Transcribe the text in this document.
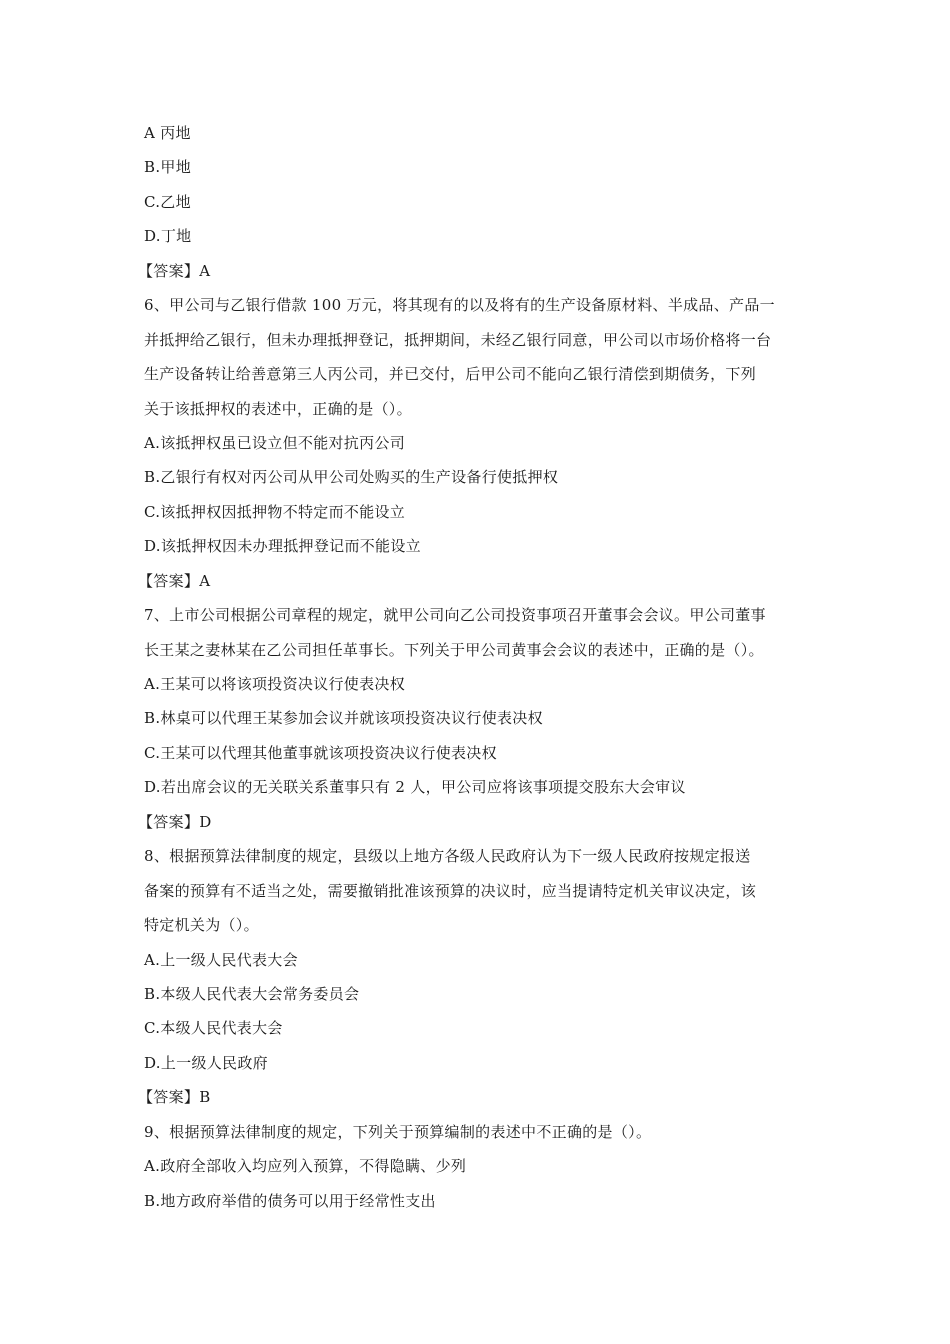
A 丙地
B.甲地
C.乙地
D.丁地
【答案】A
6、甲公司与乙银行借款 100 万元，将其现有的以及将有的生产设备原材料、半成品、产品一
并抵押给乙银行，但未办理抵押登记，抵押期间，未经乙银行同意，甲公司以市场价格将一台
生产设备转让给善意第三人丙公司，并已交付，后甲公司不能向乙银行清偿到期债务，下列
关于该抵押权的表述中，正确的是（）。
A.该抵押权虽已设立但不能对抗丙公司
B.乙银行有权对丙公司从甲公司处购买的生产设备行使抵押权
C.该抵押权因抵押物不特定而不能设立
D.该抵押权因未办理抵押登记而不能设立
【答案】A
7、上市公司根据公司章程的规定，就甲公司向乙公司投资事项召开董事会会议。甲公司董事
长王某之妻林某在乙公司担任革事长。下列关于甲公司黄事会会议的表述中，正确的是（）。
A.王某可以将该项投资决议行使表决权
B.林桌可以代理王某参加会议并就该项投资决议行使表决权
C.王某可以代理其他董事就该项投资决议行使表决权
D.若出席会议的无关联关系董事只有 2 人，甲公司应将该事项提交股东大会审议
【答案】D
8、根据预算法律制度的规定，县级以上地方各级人民政府认为下一级人民政府按规定报送
备案的预算有不适当之处，需要撤销批准该预算的决议时，应当提请特定机关审议决定，该
特定机关为（）。
A.上一级人民代表大会
B.本级人民代表大会常务委员会
C.本级人民代表大会
D.上一级人民政府
【答案】B
9、根据预算法律制度的规定，下列关于预算编制的表述中不正确的是（）。
A.政府全部收入均应列入预算，不得隐瞒、少列
B.地方政府举借的债务可以用于经常性支出
